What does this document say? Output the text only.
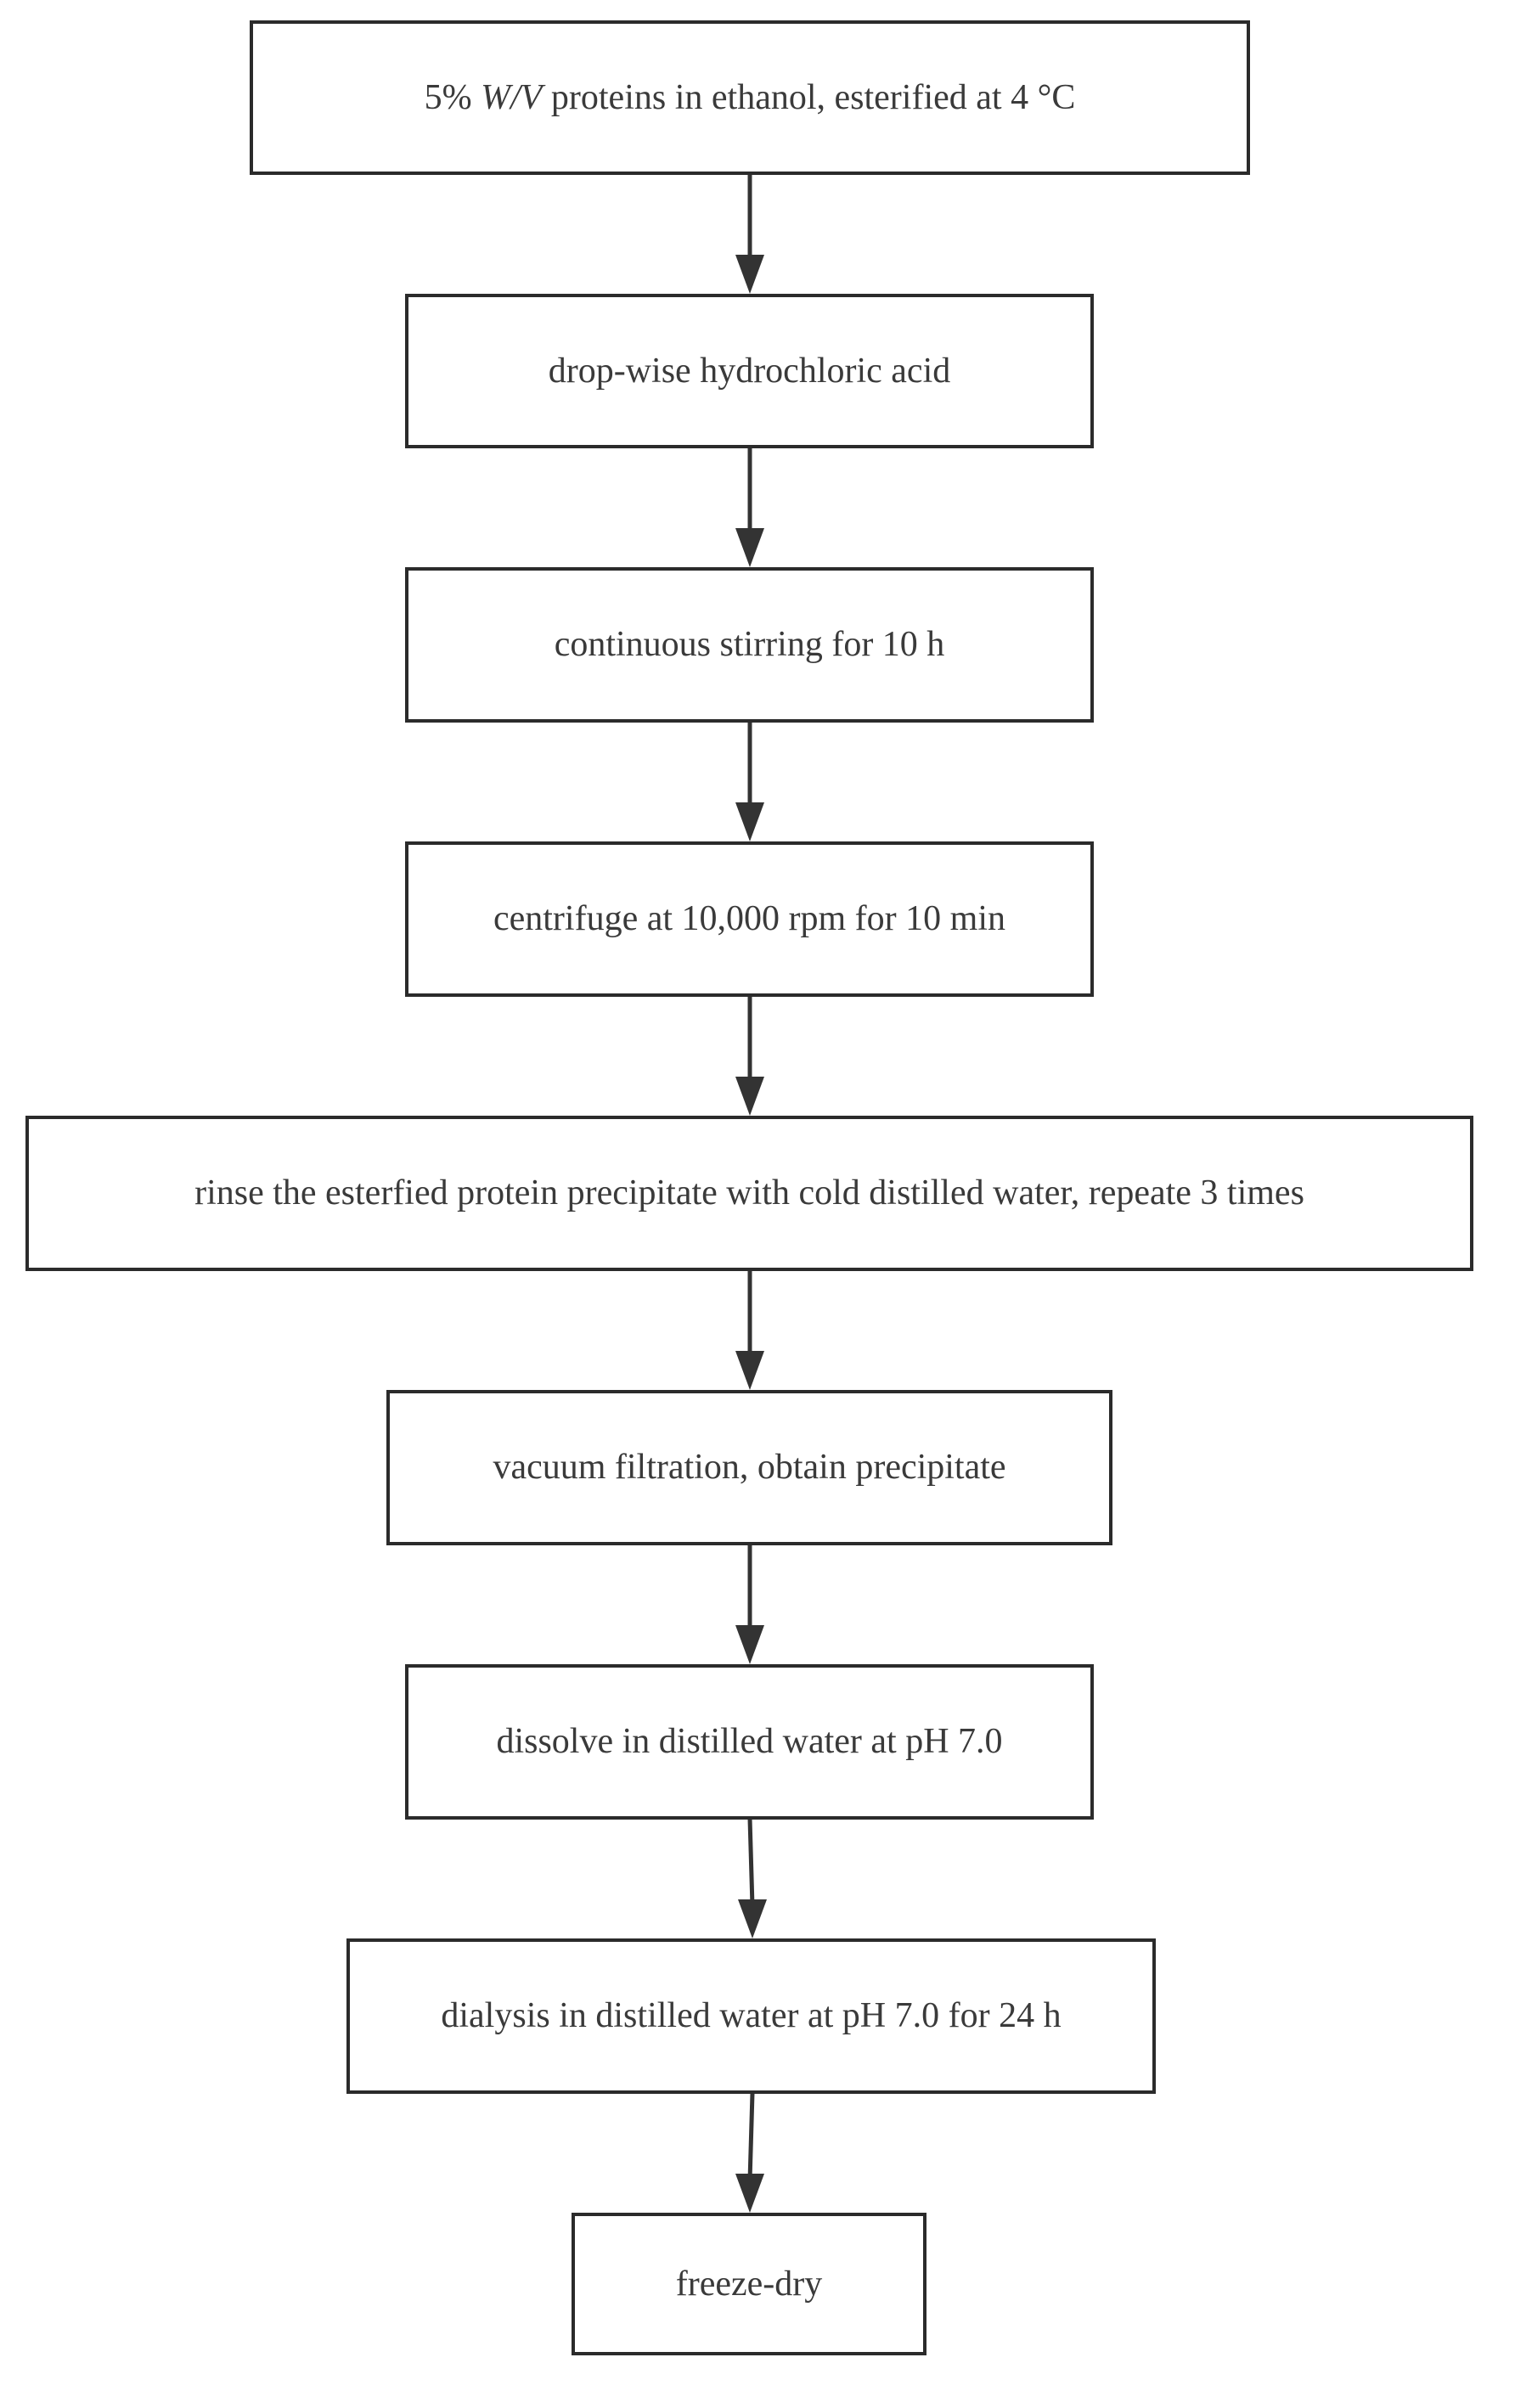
5% W/V proteins in ethanol, esterified at 4 °C
drop-wise hydrochloric acid
continuous stirring for 10 h
centrifuge at 10,000 rpm for 10 min
rinse the esterfied protein precipitate with cold distilled water, repeate 3 times
vacuum filtration, obtain precipitate
dissolve in distilled water at pH 7.0
dialysis in distilled water at pH 7.0 for 24 h
freeze-dry
